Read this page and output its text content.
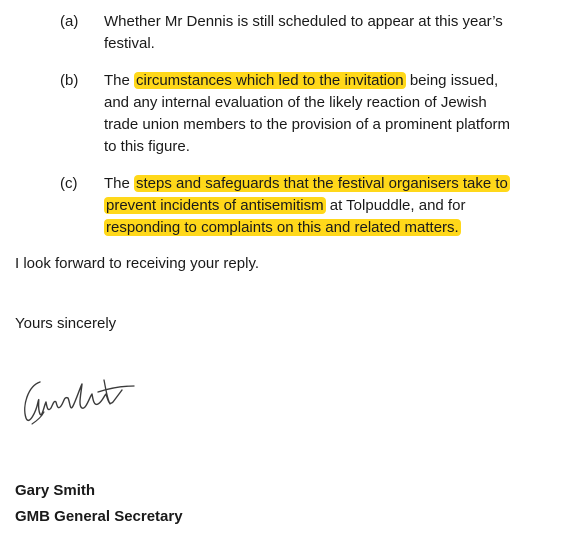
(a)	Whether Mr Dennis is still scheduled to appear at this year’s
festival.
(b)	The circumstances which led to the invitation being issued,
and any internal evaluation of the likely reaction of Jewish
trade union members to the provision of a prominent platform
to this figure.
(c)	The steps and safeguards that the festival organisers take to
prevent incidents of antisemitism at Tolpuddle, and for
responding to complaints on this and related matters.
I look forward to receiving your reply.
Yours sincerely
Gary Smith
GMB General Secretary
